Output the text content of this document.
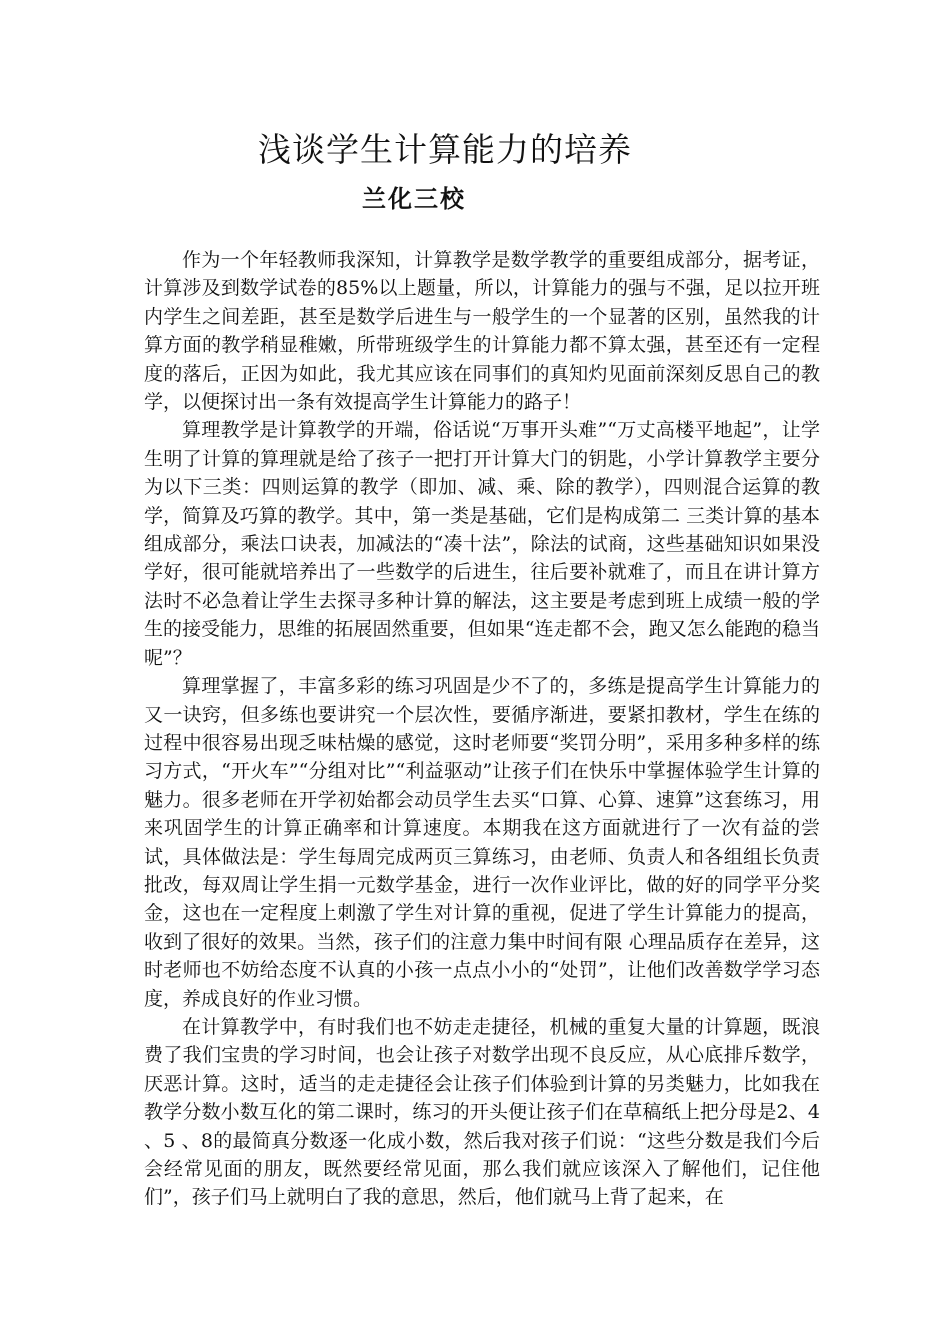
浅谈学生计算能力的培养
兰化三校

作为一个年轻教师我深知，计算教学是数学教学的重要组成部分，据考证，计算涉及到数学试卷的85%以上题量，所以，计算能力的强与不强，足以拉开班内学生之间差距，甚至是数学后进生与一般学生的一个显著的区别，虽然我的计算方面的教学稍显稚嫩，所带班级学生的计算能力都不算太强，甚至还有一定程度的落后，正因为如此，我尤其应该在同事们的真知灼见面前深刻反思自己的教学，以便探讨出一条有效提高学生计算能力的路子！

算理教学是计算教学的开端，俗话说“万事开头难”“万丈高楼平地起”，让学生明了计算的算理就是给了孩子一把打开计算大门的钥匙，小学计算教学主要分为以下三类：四则运算的教学（即加、减、乘、除的教学），四则混合运算的教学，简算及巧算的教学。其中，第一类是基础，它们是构成第二 三类计算的基本组成部分，乘法口诀表，加减法的“凑十法”，除法的试商，这些基础知识如果没学好，很可能就培养出了一些数学的后进生，往后要补就难了，而且在讲计算方法时不必急着让学生去探寻多种计算的解法，这主要是考虑到班上成绩一般的学生的接受能力，思维的拓展固然重要，但如果“连走都不会，跑又怎么能跑的稳当呢”？

算理掌握了，丰富多彩的练习巩固是少不了的，多练是提高学生计算能力的又一诀窍，但多练也要讲究一个层次性，要循序渐进，要紧扣教材，学生在练的过程中很容易出现乏味枯燥的感觉，这时老师要“奖罚分明”，采用多种多样的练习方式，“开火车”“分组对比”“利益驱动”让孩子们在快乐中掌握体验学生计算的魅力。很多老师在开学初始都会动员学生去买“口算、心算、速算”这套练习，用来巩固学生的计算正确率和计算速度。本期我在这方面就进行了一次有益的尝试，具体做法是：学生每周完成两页三算练习，由老师、负责人和各组组长负责批改，每双周让学生捐一元数学基金，进行一次作业评比，做的好的同学平分奖金，这也在一定程度上刺激了学生对计算的重视，促进了学生计算能力的提高，收到了很好的效果。当然，孩子们的注意力集中时间有限 心理品质存在差异，这时老师也不妨给态度不认真的小孩一点点小小的“处罚”，让他们改善数学学习态度，养成良好的作业习惯。

在计算教学中，有时我们也不妨走走捷径，机械的重复大量的计算题，既浪费了我们宝贵的学习时间，也会让孩子对数学出现不良反应，从心底排斥数学，厌恶计算。这时，适当的走走捷径会让孩子们体验到计算的另类魅力，比如我在教学分数小数互化的第二课时，练习的开头便让孩子们在草稿纸上把分母是2、4 、5 、8的最简真分数逐一化成小数，然后我对孩子们说：“这些分数是我们今后会经常见面的朋友，既然要经常见面，那么我们就应该深入了解他们，记住他们”，孩子们马上就明白了我的意思，然后，他们就马上背了起来，在
